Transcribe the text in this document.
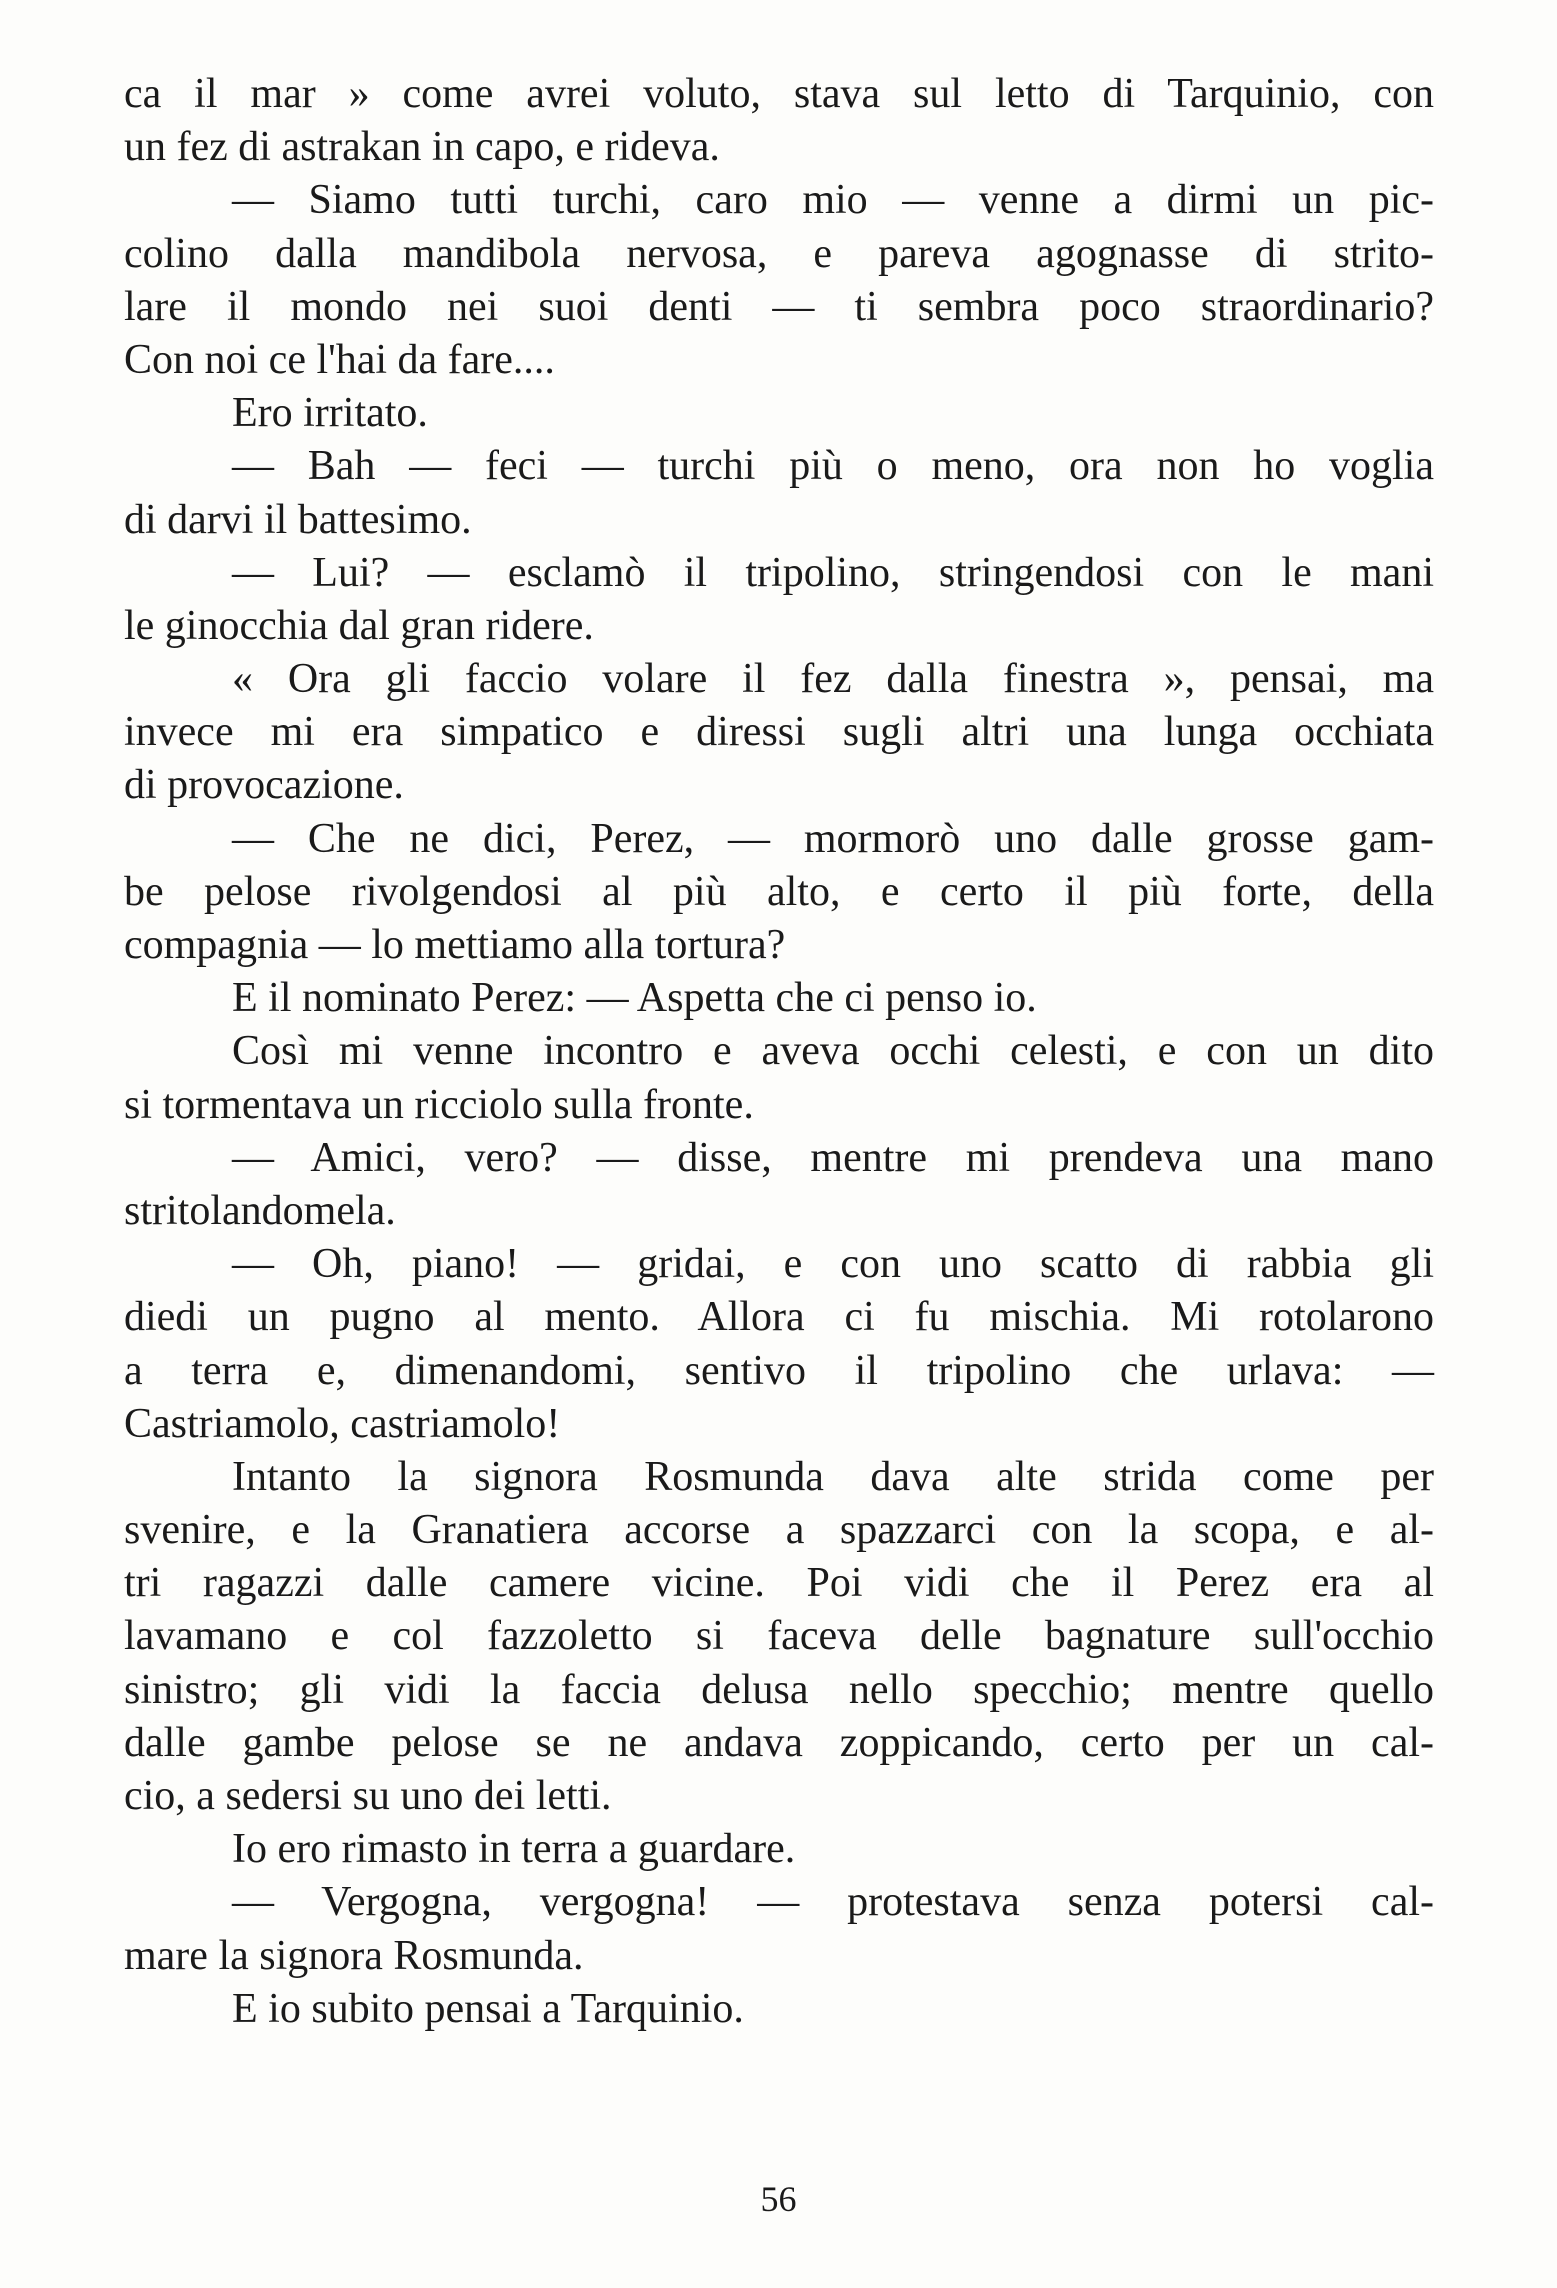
ca il mar » come avrei voluto, stava sul letto di Tarquinio, con
un fez di astrakan in capo, e rideva.
— Siamo tutti turchi, caro mio — venne a dirmi un pic-
colino dalla mandibola nervosa, e pareva agognasse di strito-
lare il mondo nei suoi denti — ti sembra poco straordinario?
Con noi ce l'hai da fare....
Ero irritato.
— Bah — feci — turchi più o meno, ora non ho voglia
di darvi il battesimo.
— Lui? — esclamò il tripolino, stringendosi con le mani
le ginocchia dal gran ridere.
« Ora gli faccio volare il fez dalla finestra », pensai, ma
invece mi era simpatico e diressi sugli altri una lunga occhiata
di provocazione.
— Che ne dici, Perez, — mormorò uno dalle grosse gam-
be pelose rivolgendosi al più alto, e certo il più forte, della
compagnia — lo mettiamo alla tortura?
E il nominato Perez: — Aspetta che ci penso io.
Così mi venne incontro e aveva occhi celesti, e con un dito
si tormentava un ricciolo sulla fronte.
— Amici, vero? — disse, mentre mi prendeva una mano
stritolandomela.
— Oh, piano! — gridai, e con uno scatto di rabbia gli
diedi un pugno al mento. Allora ci fu mischia. Mi rotolarono
a terra e, dimenandomi, sentivo il tripolino che urlava: —
Castriamolo, castriamolo!
Intanto la signora Rosmunda dava alte strida come per
svenire, e la Granatiera accorse a spazzarci con la scopa, e al-
tri ragazzi dalle camere vicine. Poi vidi che il Perez era al
lavamano e col fazzoletto si faceva delle bagnature sull'occhio
sinistro; gli vidi la faccia delusa nello specchio; mentre quello
dalle gambe pelose se ne andava zoppicando, certo per un cal-
cio, a sedersi su uno dei letti.
Io ero rimasto in terra a guardare.
— Vergogna, vergogna! — protestava senza potersi cal-
mare la signora Rosmunda.
E io subito pensai a Tarquinio.
56
